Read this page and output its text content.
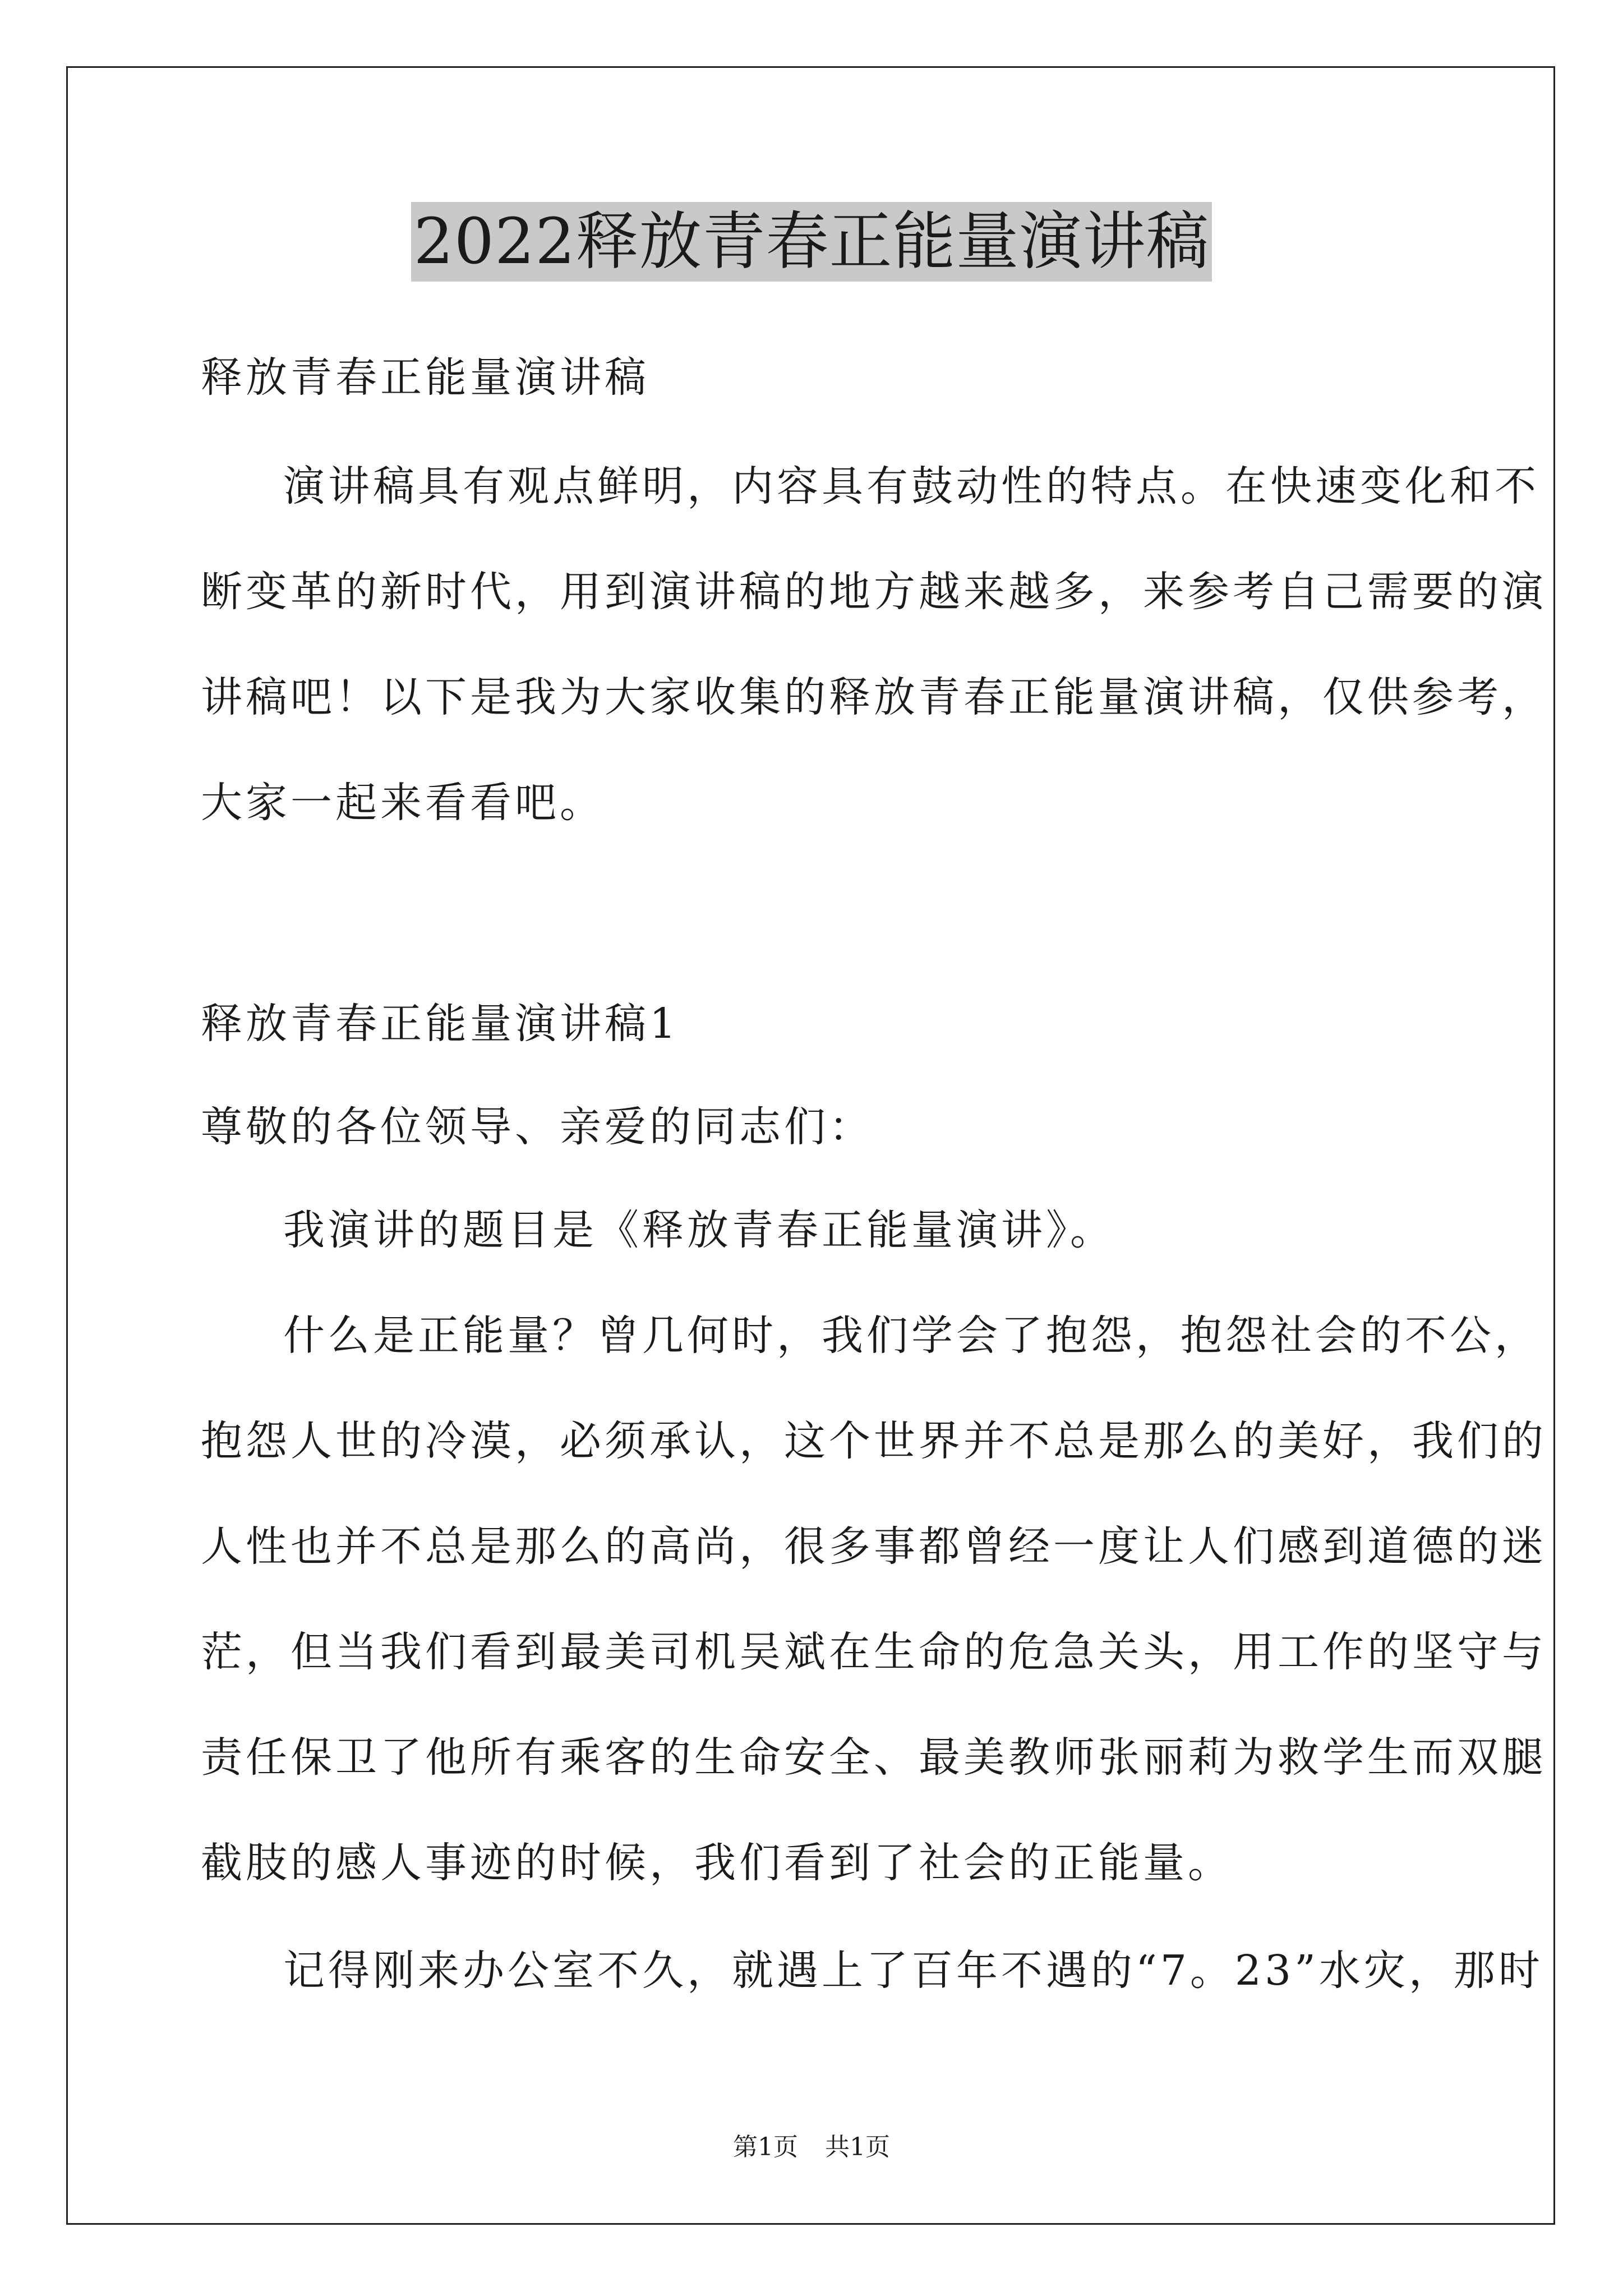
2022释放青春正能量演讲稿
释放青春正能量演讲稿
演讲稿具有观点鲜明，内容具有鼓动性的特点。在快速变化和不
断变革的新时代，用到演讲稿的地方越来越多，来参考自己需要的演
讲稿吧！以下是我为大家收集的释放青春正能量演讲稿，仅供参考，
大家一起来看看吧。
释放青春正能量演讲稿1
尊敬的各位领导、亲爱的同志们：
我演讲的题目是《释放青春正能量演讲》。
什么是正能量？曾几何时，我们学会了抱怨，抱怨社会的不公，
抱怨人世的冷漠，必须承认，这个世界并不总是那么的美好，我们的
人性也并不总是那么的高尚，很多事都曾经一度让人们感到道德的迷
茫，但当我们看到最美司机吴斌在生命的危急关头，用工作的坚守与
责任保卫了他所有乘客的生命安全、最美教师张丽莉为救学生而双腿
截肢的感人事迹的时候，我们看到了社会的正能量。
记得刚来办公室不久，就遇上了百年不遇的“7。23”水灾，那时
第1页 共1页
